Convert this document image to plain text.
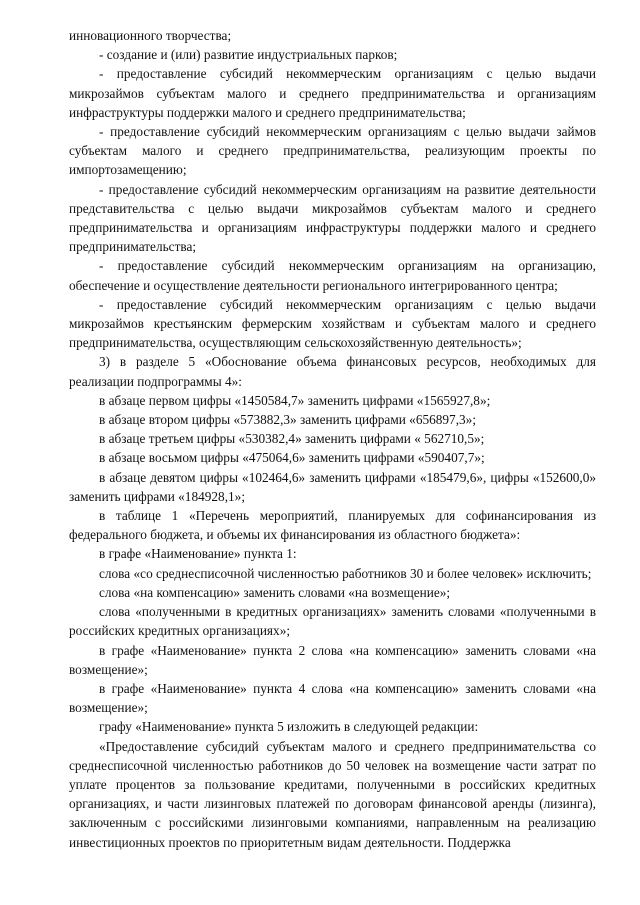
инновационного творчества;

- создание и (или) развитие индустриальных парков;

- предоставление субсидий некоммерческим организациям с целью выдачи микрозаймов субъектам малого и среднего предпринимательства и организациям инфраструктуры поддержки малого и среднего предпринимательства;

- предоставление субсидий некоммерческим организациям с целью выдачи займов субъектам малого и среднего предпринимательства, реализующим проекты по импортозамещению;

- предоставление субсидий некоммерческим организациям на развитие деятельности представительства с целью выдачи микрозаймов субъектам малого и среднего предпринимательства и организациям инфраструктуры поддержки малого и среднего предпринимательства;

- предоставление субсидий некоммерческим организациям на организацию, обеспечение и осуществление деятельности регионального интегрированного центра;

- предоставление субсидий некоммерческим организациям с целью выдачи микрозаймов крестьянским фермерским хозяйствам и субъектам малого и среднего предпринимательства, осуществляющим сельскохозяйственную деятельность»;

3) в разделе 5 «Обоснование объема финансовых ресурсов, необходимых для реализации подпрограммы 4»:

в абзаце первом цифры «1450584,7» заменить цифрами «1565927,8»;

в абзаце втором цифры «573882,3» заменить цифрами «656897,3»;

в абзаце третьем цифры «530382,4» заменить цифрами « 562710,5»;

в абзаце восьмом цифры «475064,6» заменить цифрами «590407,7»;

в абзаце девятом цифры «102464,6» заменить цифрами «185479,6», цифры «152600,0» заменить цифрами «184928,1»;

в таблице 1 «Перечень мероприятий, планируемых для софинансирования из федерального бюджета, и объемы их финансирования из областного бюджета»:

в графе «Наименование» пункта 1:

слова «со среднесписочной численностью работников 30 и более человек» исключить;

слова «на компенсацию» заменить словами «на возмещение»;

слова «полученными в кредитных организациях» заменить словами «полученными в российских кредитных организациях»;

в графе «Наименование» пункта 2 слова «на компенсацию» заменить словами «на возмещение»;

в графе «Наименование» пункта 4 слова «на компенсацию» заменить словами «на возмещение»;

графу «Наименование» пункта 5 изложить в следующей редакции:

«Предоставление субсидий субъектам малого и среднего предпринимательства со среднесписочной численностью работников до 50 человек на возмещение части затрат по уплате процентов за пользование кредитами, полученными в российских кредитных организациях, и части лизинговых платежей по договорам финансовой аренды (лизинга), заключенным с российскими лизинговыми компаниями, направленным на реализацию инвестиционных проектов по приоритетным видам деятельности. Поддержка
